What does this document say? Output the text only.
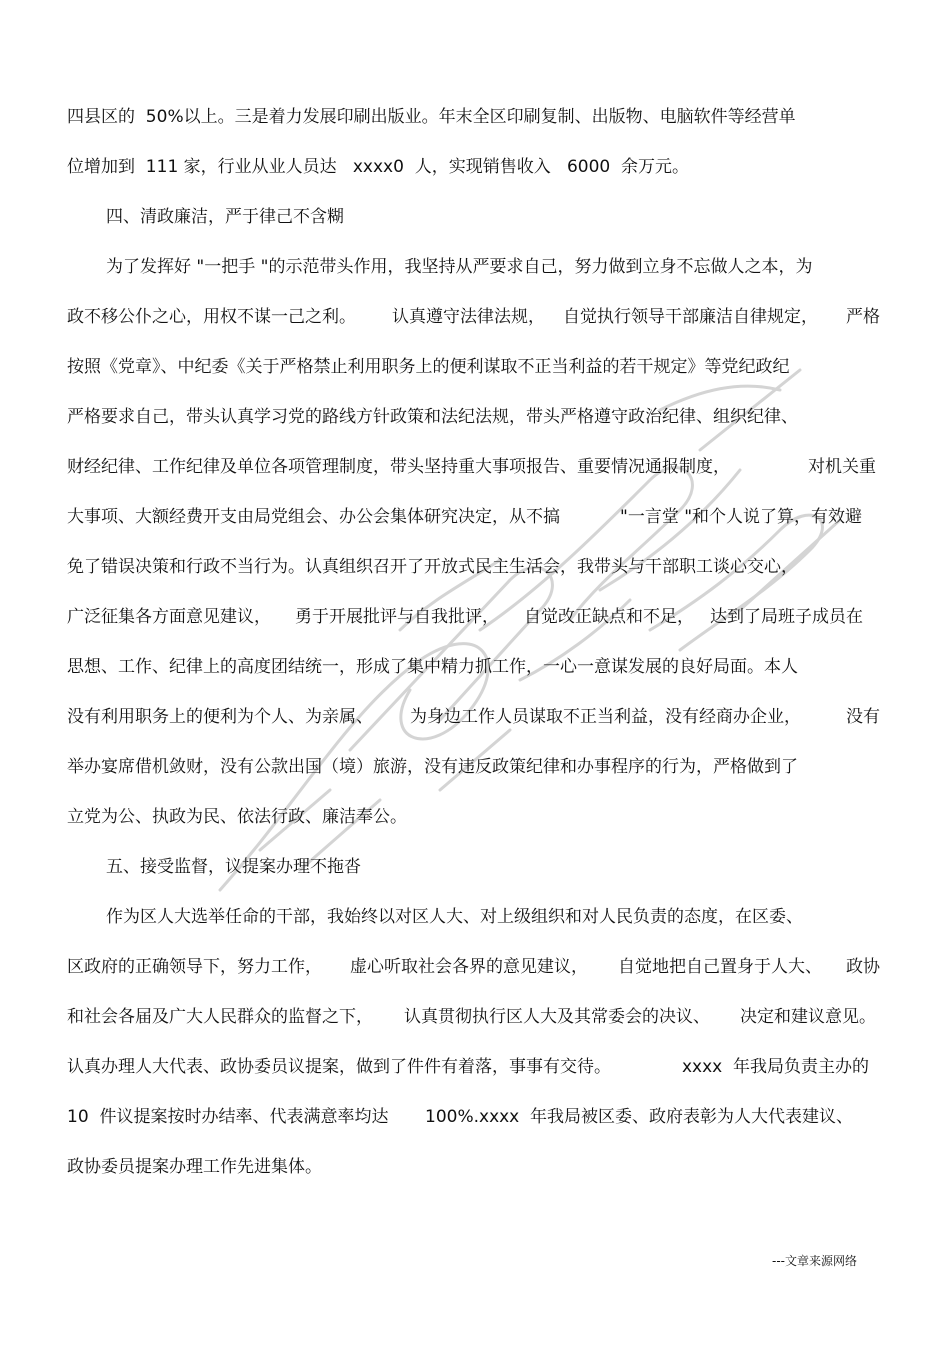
四县区的  50%以上。三是着力发展印刷出版业。年末全区印刷复制、出版物、电脑软件等经营单

位增加到  111 家，行业从业人员达   xxxx0  人，实现销售收入   6000  余万元。

四、清政廉洁，严于律己不含糊

为了发挥好 "一把手 "的示范带头作用，我坚持从严要求自己，努力做到立身不忘做人之本，为

政不移公仆之心，用权不谋一己之利。

认真遵守法律法规，

自觉执行领导干部廉洁自律规定，

严格

按照《党章》、中纪委《关于严格禁止利用职务上的便利谋取不正当利益的若干规定》等党纪政纪

严格要求自己，带头认真学习党的路线方针政策和法纪法规，带头严格遵守政治纪律、组织纪律、

财经纪律、工作纪律及单位各项管理制度，带头坚持重大事项报告、重要情况通报制度，

	对机关重

大事项、大额经费开支由局党组会、办公会集体研究决定，从不搞

	"一言堂 "和个人说了算，有效避

免了错误决策和行政不当行为。认真组织召开了开放式民主生活会，我带头与干部职工谈心交心，

广泛征集各方面意见建议，

勇于开展批评与自我批评，

自觉改正缺点和不足，

达到了局班子成员在

思想、工作、纪律上的高度团结统一，形成了集中精力抓工作，一心一意谋发展的良好局面。本人

没有利用职务上的便利为个人、为亲属、

为身边工作人员谋取不正当利益，没有经商办企业，

	没有

举办宴席借机敛财，没有公款出国（境）旅游，没有违反政策纪律和办事程序的行为，严格做到了

立党为公、执政为民、依法行政、廉洁奉公。

五、接受监督，议提案办理不拖沓

作为区人大选举任命的干部，我始终以对区人大、对上级组织和对人民负责的态度，在区委、

区政府的正确领导下，努力工作，

虚心听取社会各界的意见建议，

自觉地把自己置身于人大、

政协

和社会各届及广大人民群众的监督之下，

认真贯彻执行区人大及其常委会的决议、

决定和建议意见。

认真办理人大代表、政协委员议提案，做到了件件有着落，事事有交待。

	xxxx  年我局负责主办的

10  件议提案按时办结率、代表满意率均达

100%.xxxx  年我局被区委、政府表彰为人大代表建议、

政协委员提案办理工作先进集体。

---文章来源网络
